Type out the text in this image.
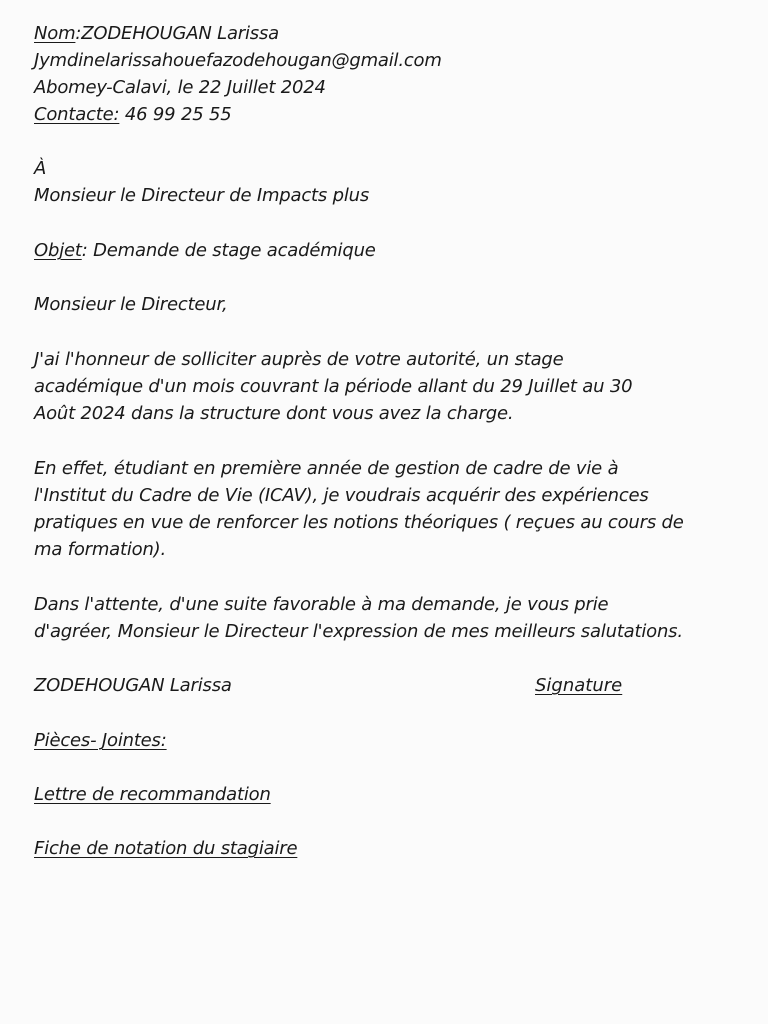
Nom:ZODEHOUGAN Larissa
Jymdinelarissahouefazodehougan@gmail.com
Abomey-Calavi, le 22 Juillet 2024
Contacte: 46 99 25 55
À
Monsieur le Directeur de Impacts plus
Objet: Demande de stage académique
Monsieur le Directeur,
J'ai l'honneur de solliciter auprès de votre autorité, un stage
académique d'un mois couvrant la période allant du 29 Juillet au 30
Août 2024 dans la structure dont vous avez la charge.
En effet, étudiant en première année de gestion de cadre de vie à
l'Institut du Cadre de Vie (ICAV), je voudrais acquérir des expériences
pratiques en vue de renforcer les notions théoriques ( reçues au cours de
ma formation).
Dans l'attente, d'une suite favorable à ma demande, je vous prie
d'agréer, Monsieur le Directeur l'expression de mes meilleurs salutations.
ZODEHOUGAN Larissa	Signature
Pièces- Jointes:
Lettre de recommandation
Fiche de notation du stagiaire
